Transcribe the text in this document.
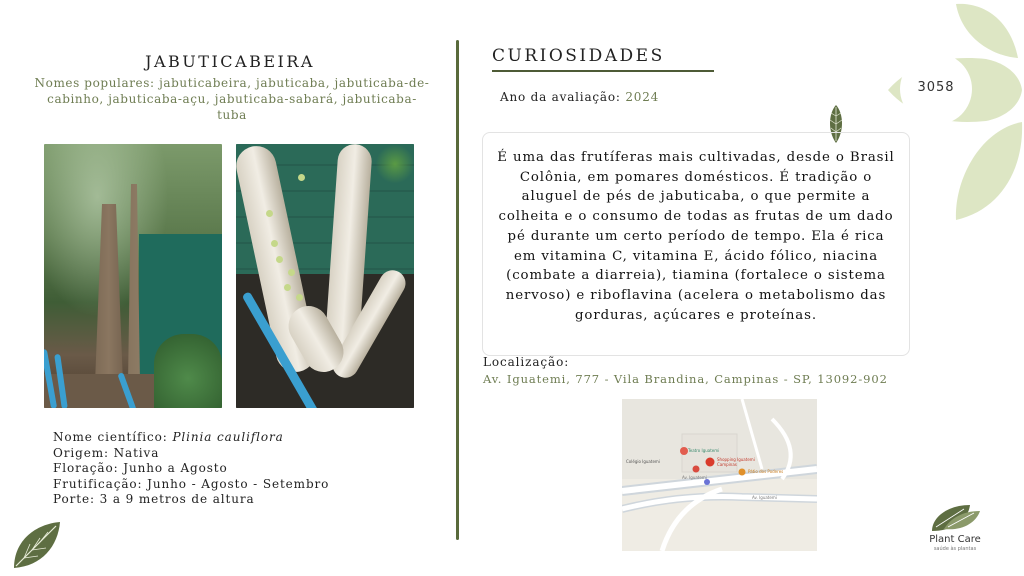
JABUTICABEIRA
Nomes populares: jabuticabeira, jabuticaba, jabuticaba-de-cabinho, jabuticaba-açu, jabuticaba-sabará, jabuticaba-tuba
Nome científico: Plinia cauliflora
Origem: Nativa
Floração: Junho a Agosto
Frutificação: Junho - Agosto - Setembro
Porte: 3 a 9 metros de altura
CURIOSIDADES
Ano da avaliação: 2024
É uma das frutíferas mais cultivadas, desde o Brasil Colônia, em pomares domésticos. É tradição o aluguel de pés de jabuticaba, o que permite a colheita e o consumo de todas as frutas de um dado pé durante um certo período de tempo. Ela é rica em vitamina C, vitamina E, ácido fólico, niacina (combate a diarreia), tiamina (fortalece o sistema nervoso) e riboflavina (acelera o metabolismo das gorduras, açúcares e proteínas.
Localização:
Av. Iguatemi, 777 - Vila Brandina, Campinas - SP, 13092-902
Teatro Iguatemi
Shopping Iguatemi Campinas
Pátio dos Poderes
Colégio Iguatemi
Av. Iguatemi
Av. Iguatemi
3058
Plant Care
saúde às plantas
